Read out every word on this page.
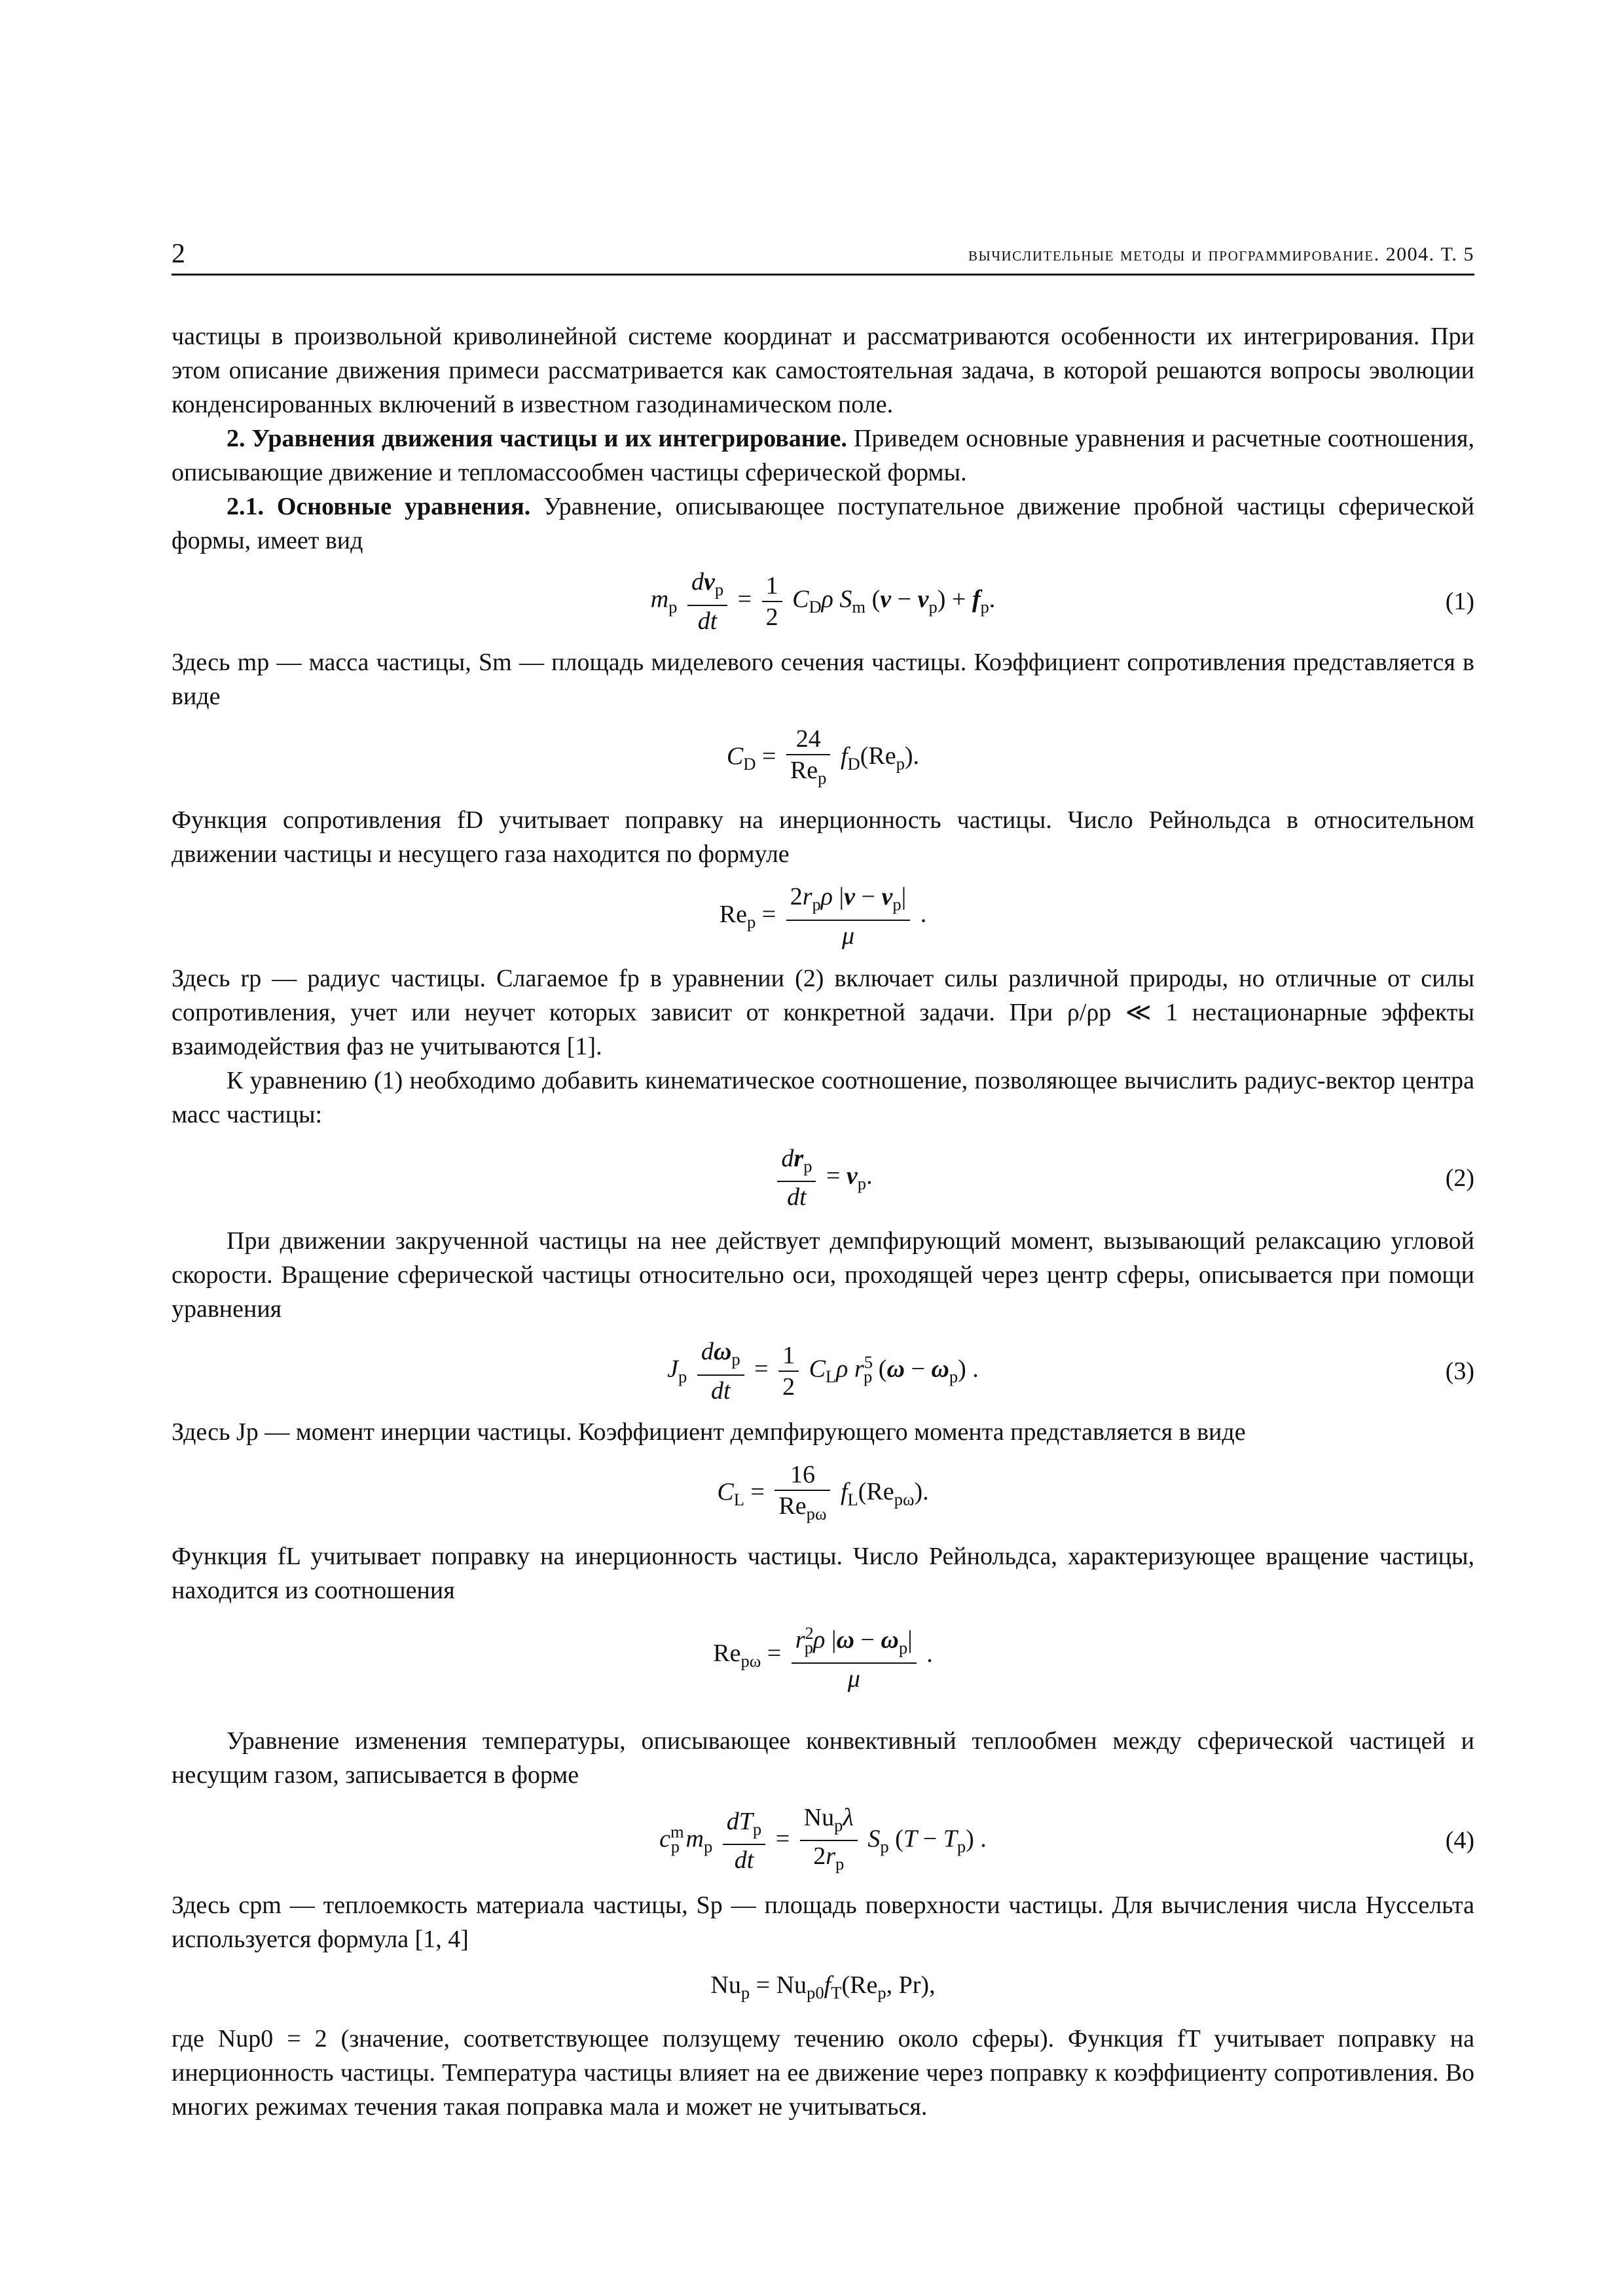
2	вычислительные методы и программирование. 2004. Т. 5

частицы в произвольной криволинейной системе координат и рассматриваются особенности их интегрирования. При этом описание движения примеси рассматривается как самостоятельная задача, в которой решаются вопросы эволюции конденсированных включений в известном газодинамическом поле.

2. Уравнения движения частицы и их интегрирование. Приведем основные уравнения и расчетные соотношения, описывающие движение и тепломассообмен частицы сферической формы.

2.1. Основные уравнения. Уравнение, описывающее поступательное движение пробной частицы сферической формы, имеет вид

$m_p \frac{dv_p}{dt} = \frac{1}{2} C_D\rho$ $S_m$ $(v - v_p) + f_p$.	(1)

Здесь mp — масса частицы, Sm — площадь миделевого сечения частицы. Коэффициент сопротивления представляется в виде

$C_D = \frac{24}{Re_p} f_D(Re_p)$.

Функция сопротивления fD учитывает поправку на инерционность частицы. Число Рейнольдса в относительном движении частицы и несущего газа находится по формуле

$Re_p = \frac{2r_p\rho |v - v_p|}{\mu}$ .

Здесь rp — радиус частицы. Слагаемое fp в уравнении (2) включает силы различной природы, но отличные от силы сопротивления, учет или неучет которых зависит от конкретной задачи. При ρ/ρp ≪ 1 нестационарные эффекты взаимодействия фаз не учитываются [1].

К уравнению (1) необходимо добавить кинематическое соотношение, позволяющее вычислить радиус-вектор центра масс частицы:

$\frac{dr_p}{dt} = v_p$.	(2)

При движении закрученной частицы на нее действует демпфирующий момент, вызывающий релаксацию угловой скорости. Вращение сферической частицы относительно оси, проходящей через центр сферы, описывается при помощи уравнения

$J_p \frac{d\omega_p}{dt} = \frac{1}{2} C_L\rho$ $r^5_p$ $(\omega - \omega_p)$ .	(3)

Здесь Jp — момент инерции частицы. Коэффициент демпфирующего момента представляется в виде

$C_L = \frac{16}{Re_{p\omega}} f_L(Re_{p\omega})$.

Функция fL учитывает поправку на инерционность частицы. Число Рейнольдса, характеризующее вращение частицы, находится из соотношения

$Re_{p\omega} = \frac{r^2_p\rho |\omega - \omega_p|}{\mu}$ .

Уравнение изменения температуры, описывающее конвективный теплообмен между сферической частицей и несущим газом, записывается в форме

$c^m_p$ $m_p \frac{dT_p}{dt} = \frac{Nu_p\lambda}{2r_p} S_p$ $(T - T_p)$ .	(4)

Здесь cpm — теплоемкость материала частицы, Sp — площадь поверхности частицы. Для вычисления числа Нуссельта используется формула [1, 4]

$Nu_p = Nu_{p0}f_T(Re_p$, Pr),

где Nup0 = 2 (значение, соответствующее ползущему течению около сферы). Функция fT учитывает поправку на инерционность частицы. Температура частицы влияет на ее движение через поправку к коэффициенту сопротивления. Во многих режимах течения такая поправка мала и может не учитываться.
